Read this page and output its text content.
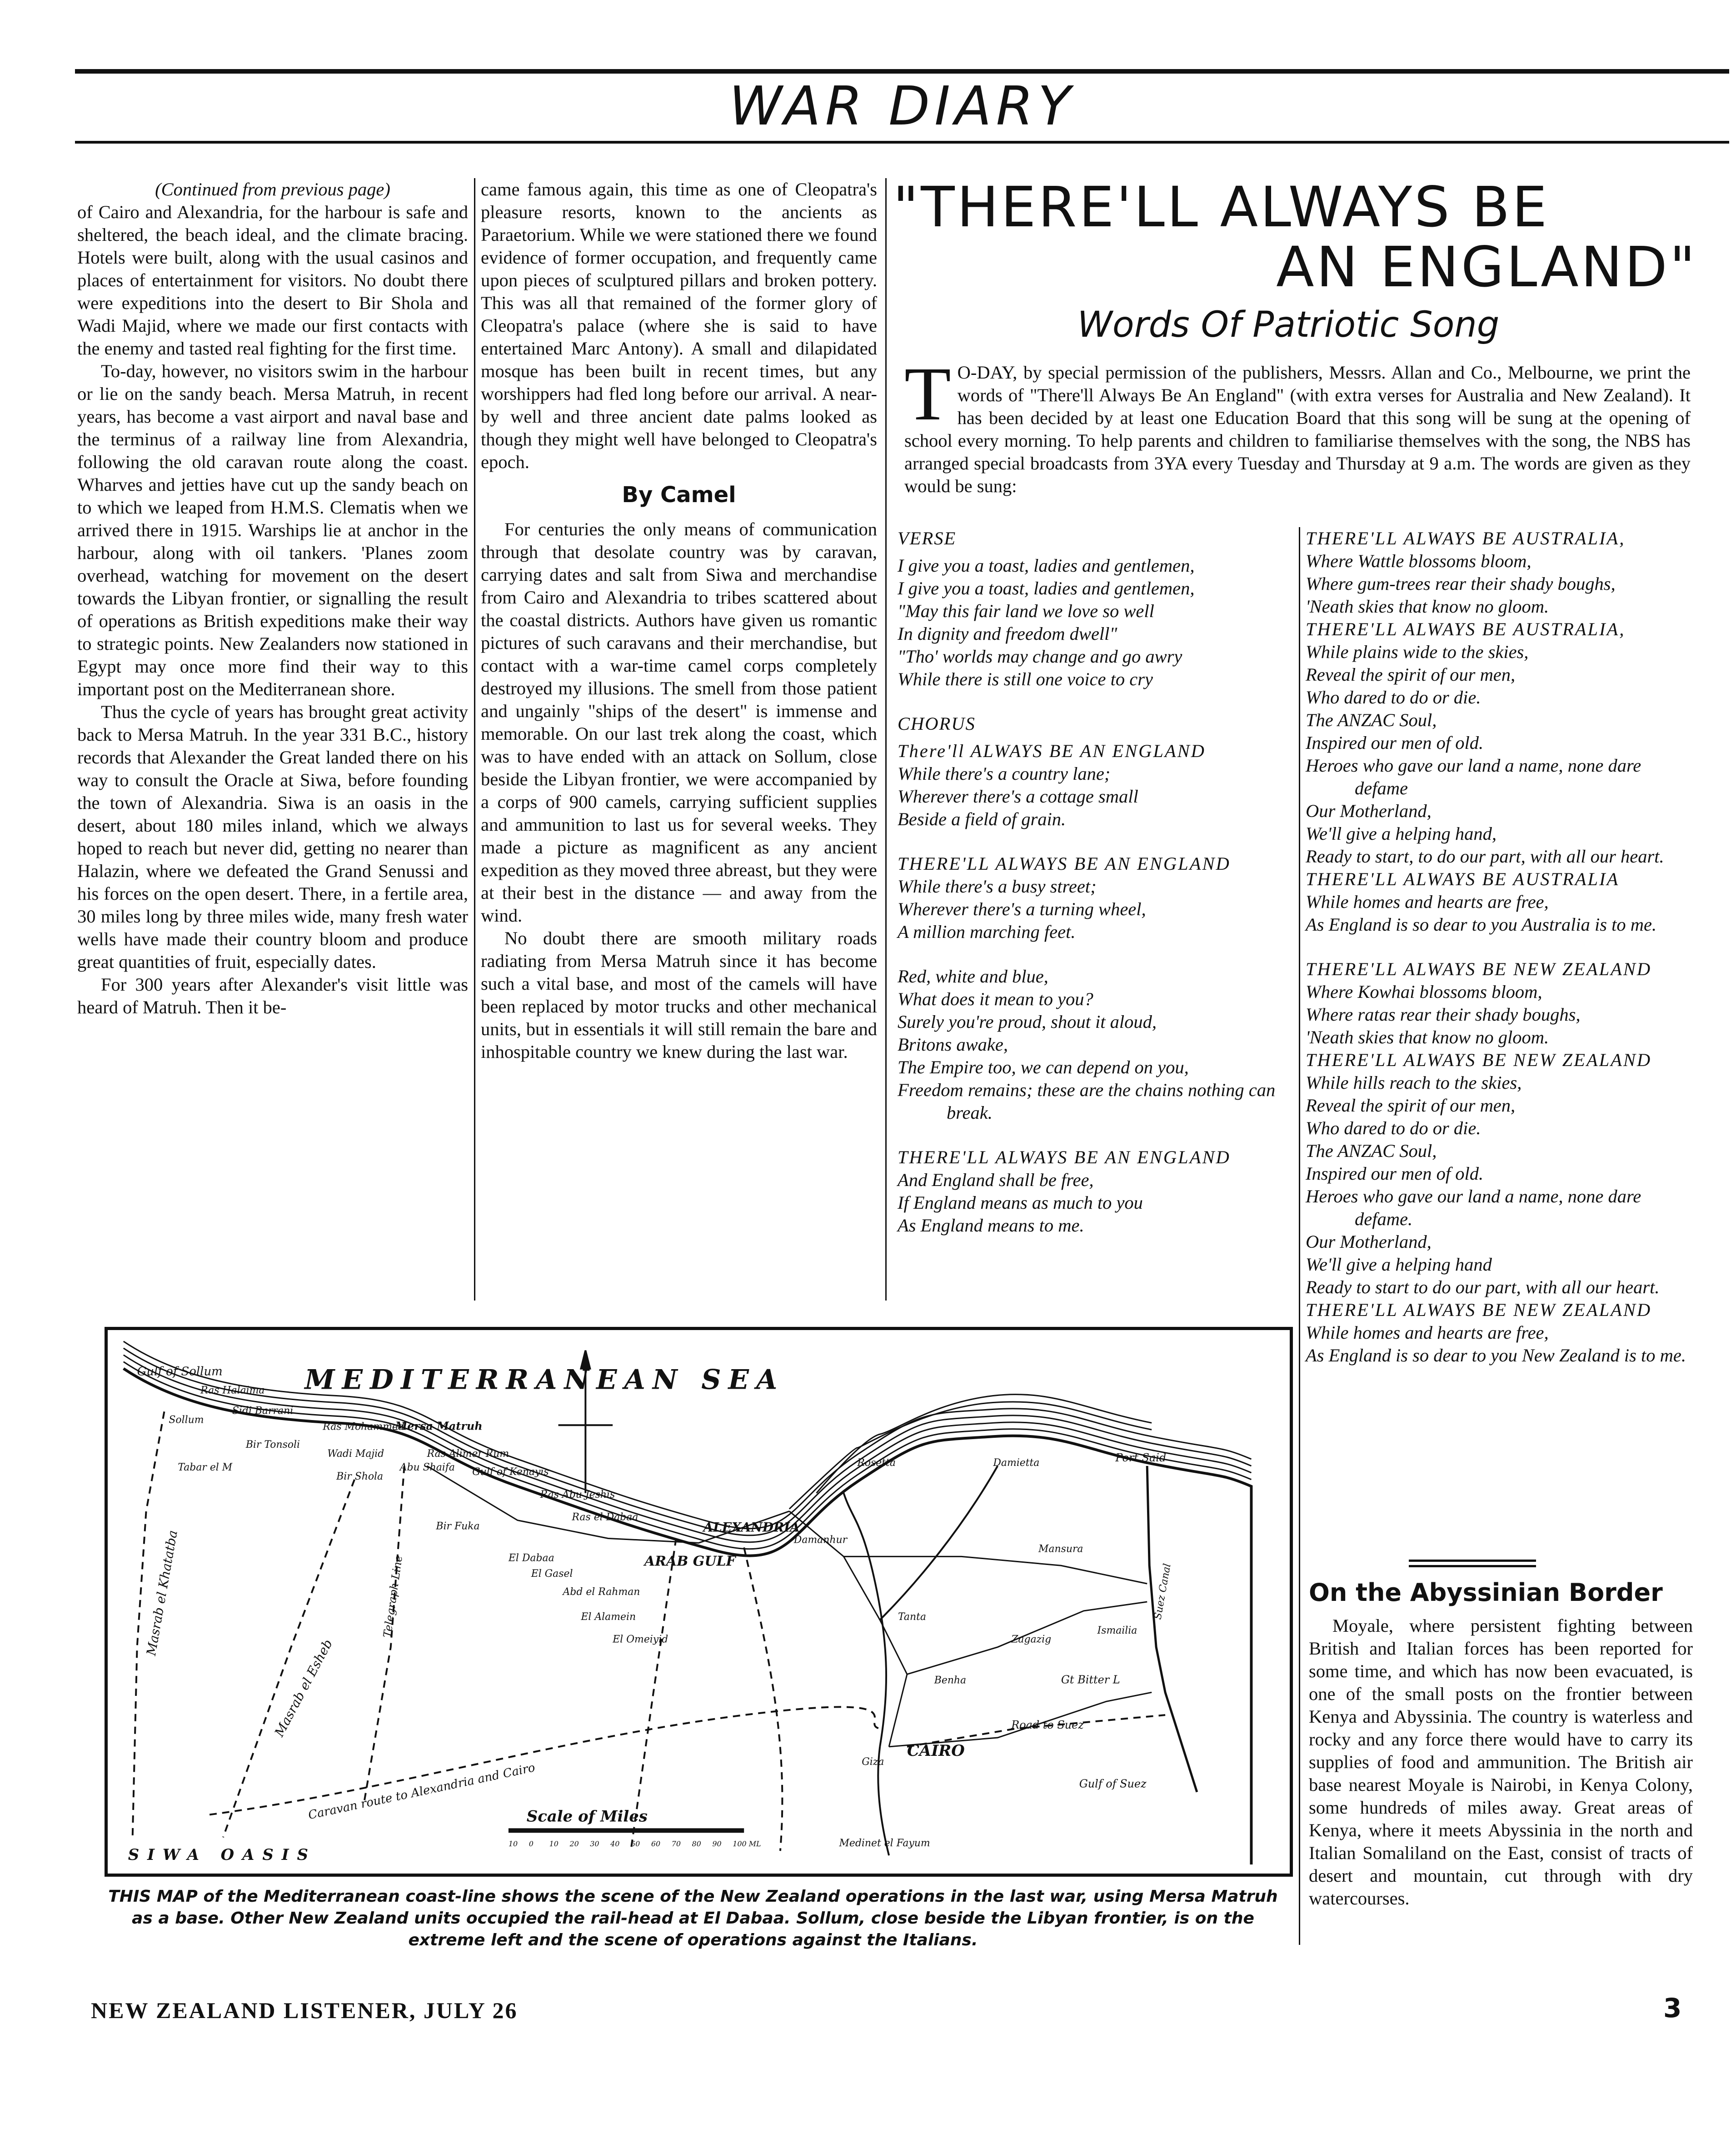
WAR DIARY

(Continued from previous page)

of Cairo and Alexandria, for the harbour is safe and sheltered, the beach ideal, and the climate bracing. Hotels were built, along with the usual casinos and places of entertainment for visitors. No doubt there were expeditions into the desert to Bir Shola and Wadi Majid, where we made our first contacts with the enemy and tasted real fighting for the first time.

To-day, however, no visitors swim in the harbour or lie on the sandy beach. Mersa Matruh, in recent years, has become a vast airport and naval base and the terminus of a railway line from Alexandria, following the old caravan route along the coast. Wharves and jetties have cut up the sandy beach on to which we leaped from H.M.S. Clematis when we arrived there in 1915. Warships lie at anchor in the harbour, along with oil tankers. 'Planes zoom overhead, watching for movement on the desert towards the Libyan frontier, or signalling the result of operations as British expeditions make their way to strategic points. New Zealanders now stationed in Egypt may once more find their way to this important post on the Mediterranean shore.

Thus the cycle of years has brought great activity back to Mersa Matruh. In the year 331 B.C., history records that Alexander the Great landed there on his way to consult the Oracle at Siwa, before founding the town of Alexandria. Siwa is an oasis in the desert, about 180 miles inland, which we always hoped to reach but never did, getting no nearer than Halazin, where we defeated the Grand Senussi and his forces on the open desert. There, in a fertile area, 30 miles long by three miles wide, many fresh water wells have made their country bloom and produce great quantities of fruit, especially dates.

For 300 years after Alexander's visit little was heard of Matruh. Then it be-

came famous again, this time as one of Cleopatra's pleasure resorts, known to the ancients as Paraetorium. While we were stationed there we found evidence of former occupation, and frequently came upon pieces of sculptured pillars and broken pottery. This was all that remained of the former glory of Cleopatra's palace (where she is said to have entertained Marc Antony). A small and dilapidated mosque has been built in recent times, but any worshippers had fled long before our arrival. A near-by well and three ancient date palms looked as though they might well have belonged to Cleopatra's epoch.

By Camel

For centuries the only means of communication through that desolate country was by caravan, carrying dates and salt from Siwa and merchandise from Cairo and Alexandria to tribes scattered about the coastal districts. Authors have given us romantic pictures of such caravans and their merchandise, but contact with a war-time camel corps completely destroyed my illusions. The smell from those patient and ungainly "ships of the desert" is immense and memorable. On our last trek along the coast, which was to have ended with an attack on Sollum, close beside the Libyan frontier, we were accompanied by a corps of 900 camels, carrying sufficient supplies and ammunition to last us for several weeks. They made a picture as magnificent as any ancient expedition as they moved three abreast, but they were at their best in the distance — and away from the wind.

No doubt there are smooth military roads radiating from Mersa Matruh since it has become such a vital base, and most of the camels will have been replaced by motor trucks and other mechanical units, but in essentials it will still remain the bare and inhospitable country we knew during the last war.

"THERE'LL ALWAYS BE
AN ENGLAND"
Words Of Patriotic Song
T O-DAY, by special permission of the publishers, Messrs. Allan and Co., Melbourne, we print the words of "There'll Always Be An England" (with extra verses for Australia and New Zealand). It has been decided by at least one Education Board that this song will be sung at the opening of school every morning. To help parents and children to familiarise themselves with the song, the NBS has arranged special broadcasts from 3YA every Tuesday and Thursday at 9 a.m. The words are given as they would be sung:
VERSE
I give you a toast, ladies and gentlemen,
I give you a toast, ladies and gentlemen,
"May this fair land we love so well
In dignity and freedom dwell"
"Tho' worlds may change and go awry
While there is still one voice to cry
CHORUS
There'll ALWAYS BE AN ENGLAND
While there's a country lane;
Wherever there's a cottage small
Beside a field of grain.
THERE'LL ALWAYS BE AN ENGLAND
While there's a busy street;
Wherever there's a turning wheel,
A million marching feet.
Red, white and blue,
What does it mean to you?
Surely you're proud, shout it aloud,
Britons awake,
The Empire too, we can depend on you,
Freedom remains; these are the chains nothing can break.
THERE'LL ALWAYS BE AN ENGLAND
And England shall be free,
If England means as much to you
As England means to me.
THERE'LL ALWAYS BE AUSTRALIA,
Where Wattle blossoms bloom,
Where gum-trees rear their shady boughs,
'Neath skies that know no gloom.
THERE'LL ALWAYS BE AUSTRALIA,
While plains wide to the skies,
Reveal the spirit of our men,
Who dared to do or die.
The ANZAC Soul,
Inspired our men of old.
Heroes who gave our land a name, none dare defame
Our Motherland,
We'll give a helping hand,
Ready to start, to do our part, with all our heart.
THERE'LL ALWAYS BE AUSTRALIA
While homes and hearts are free,
As England is so dear to you Australia is to me.
THERE'LL ALWAYS BE NEW ZEALAND
Where Kowhai blossoms bloom,
Where ratas rear their shady boughs,
'Neath skies that know no gloom.
THERE'LL ALWAYS BE NEW ZEALAND
While hills reach to the skies,
Reveal the spirit of our men,
Who dared to do or die.
The ANZAC Soul,
Inspired our men of old.
Heroes who gave our land a name, none dare defame.
Our Motherland,
We'll give a helping hand
Ready to start to do our part, with all our heart.
THERE'LL ALWAYS BE NEW ZEALAND
While homes and hearts are free,
As England is so dear to you New Zealand is to me.
On the Abyssinian Border

Moyale, where persistent fighting between British and Italian forces has been reported for some time, and which has now been evacuated, is one of the small posts on the frontier between Kenya and Abyssinia. The country is waterless and rocky and any force there would have to carry its supplies of food and ammunition. The British air base nearest Moyale is Nairobi, in Kenya Colony, some hundreds of miles away. Great areas of Kenya, where it meets Abyssinia in the north and Italian Somaliland on the East, consist of tracts of desert and mountain, cut through with dry watercourses.

MEDITERRANEAN SEA
Gulf of Sollum
Ras Halaima
Sollum
Sidi Barrani
Bir Tonsoli
Tabar el M
Ras Mohammed
Wadi Majid
Mersa Matruh
Bir Shola
Ras Alimer Rum
Abu Shaifa Gulf of Kenayis
Ras Abu Jeshis
Bir Fuka
Ras el Dabaa
El Dabaa
El Gasel
Abd el Rahman
El Alamein
El Omeiyid
ARAB GULF
ALEXANDRIA
Rosetta	Damietta	Port Said
Damanhur
Mansura
Tanta
Zagazig
Ismailia
Suez Canal
Benha	Gt Bitter L
Road to Suez
CAIRO
Giza
Gulf of Suez
Medinet el Fayum
Caravan route to Alexandria and Cairo
Masrab el Khatatba
Masrab el Esheb
Telegraph Line
SIWA OASIS
Scale of Miles
10 0 10 20 30 40 50 60 70 80 90 100 ML
THIS MAP of the Mediterranean coast-line shows the scene of the New Zealand operations in the last war, using Mersa Matruh as a base. Other New Zealand units occupied the rail-head at El Dabaa. Sollum, close beside the Libyan frontier, is on the extreme left and the scene of operations against the Italians.
NEW ZEALAND LISTENER, JULY 26	3
